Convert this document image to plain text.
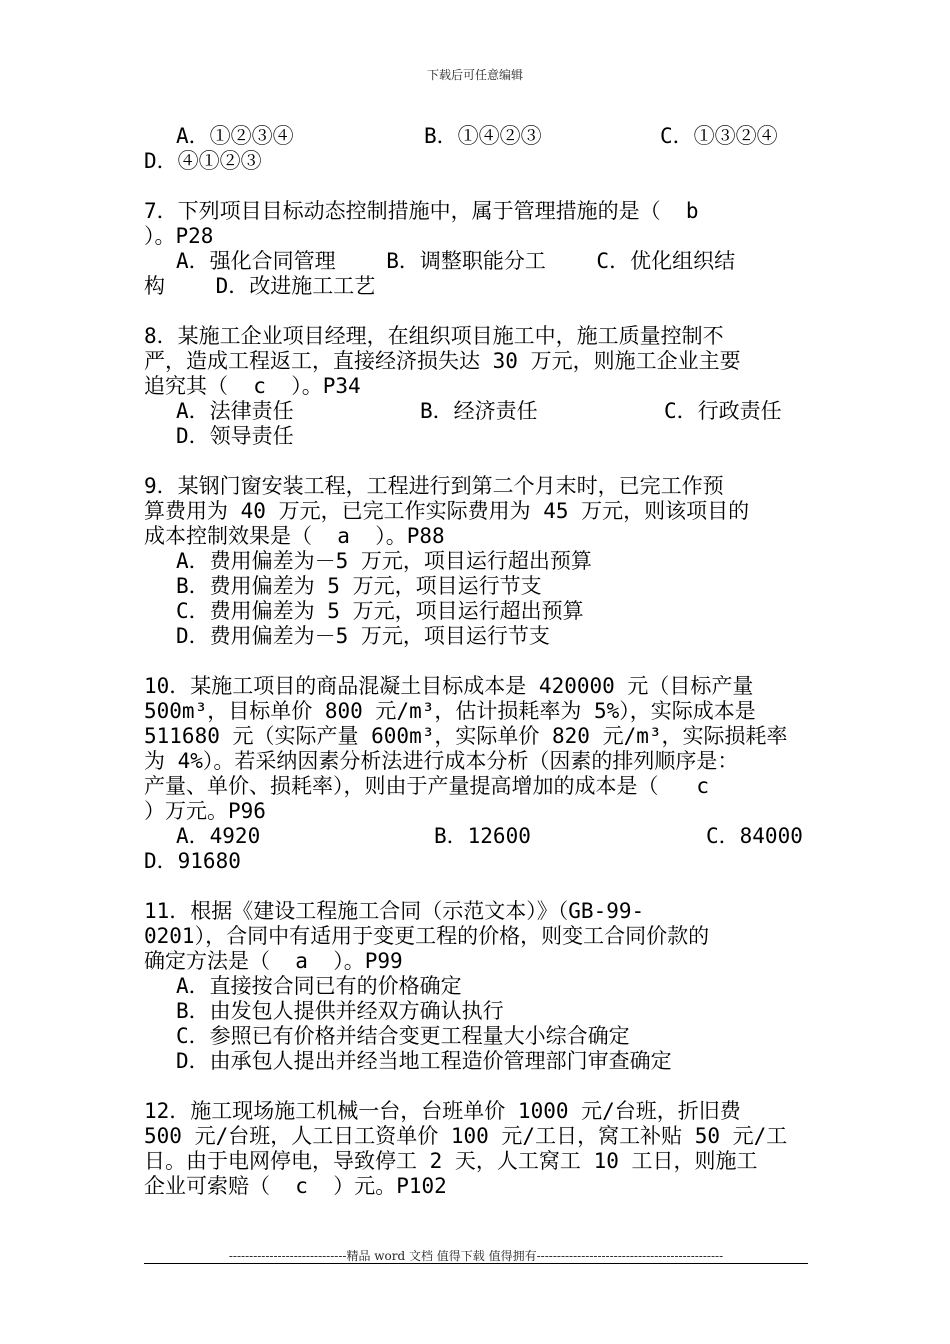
下载后可任意编辑
A．①②③④	B．①④②③	C．①③②④
D．④①②③
7．下列项目目标动态控制措施中，属于管理措施的是（  b
）。P28
A．强化合同管理    B．调整职能分工    C．优化组织结
构    D．改进施工工艺
8．某施工企业项目经理，在组织项目施工中，施工质量控制不
严，造成工程返工，直接经济损失达 30 万元，则施工企业主要
追究其（  c  ）。P34
A．法律责任	B．经济责任	C．行政责任
D．领导责任
9．某钢门窗安装工程，工程进行到第二个月末时，已完工作预
算费用为 40 万元，已完工作实际费用为 45 万元，则该项目的
成本控制效果是（  a  ）。P88
A．费用偏差为－5 万元，项目运行超出预算
B．费用偏差为 5 万元，项目运行节支
C．费用偏差为 5 万元，项目运行超出预算
D．费用偏差为－5 万元，项目运行节支
10．某施工项目的商品混凝土目标成本是 420000 元（目标产量
500m³，目标单价 800 元/m³，估计损耗率为 5%），实际成本是
511680 元（实际产量 600m³，实际单价 820 元/m³，实际损耗率
为 4%）。若采纳因素分析法进行成本分析（因素的排列顺序是：
产量、单价、损耗率），则由于产量提高增加的成本是（   c
）万元。P96
A．4920	B．12600	C．84000
D．91680
11．根据《建设工程施工合同（示范文本）》（GB-99-
0201），合同中有适用于变更工程的价格，则变工合同价款的
确定方法是（  a  ）。P99
A．直接按合同已有的价格确定
B．由发包人提供并经双方确认执行
C．参照已有价格并结合变更工程量大小综合确定
D．由承包人提出并经当地工程造价管理部门审查确定
12．施工现场施工机械一台，台班单价 1000 元/台班，折旧费
500 元/台班，人工日工资单价 100 元/工日，窝工补贴 50 元/工
日。由于电网停电，导致停工 2 天，人工窝工 10 工日，则施工
企业可索赔（  c  ）元。P102
-----------------------------精品 word 文档 值得下载 值得拥有----------------------------------------------
